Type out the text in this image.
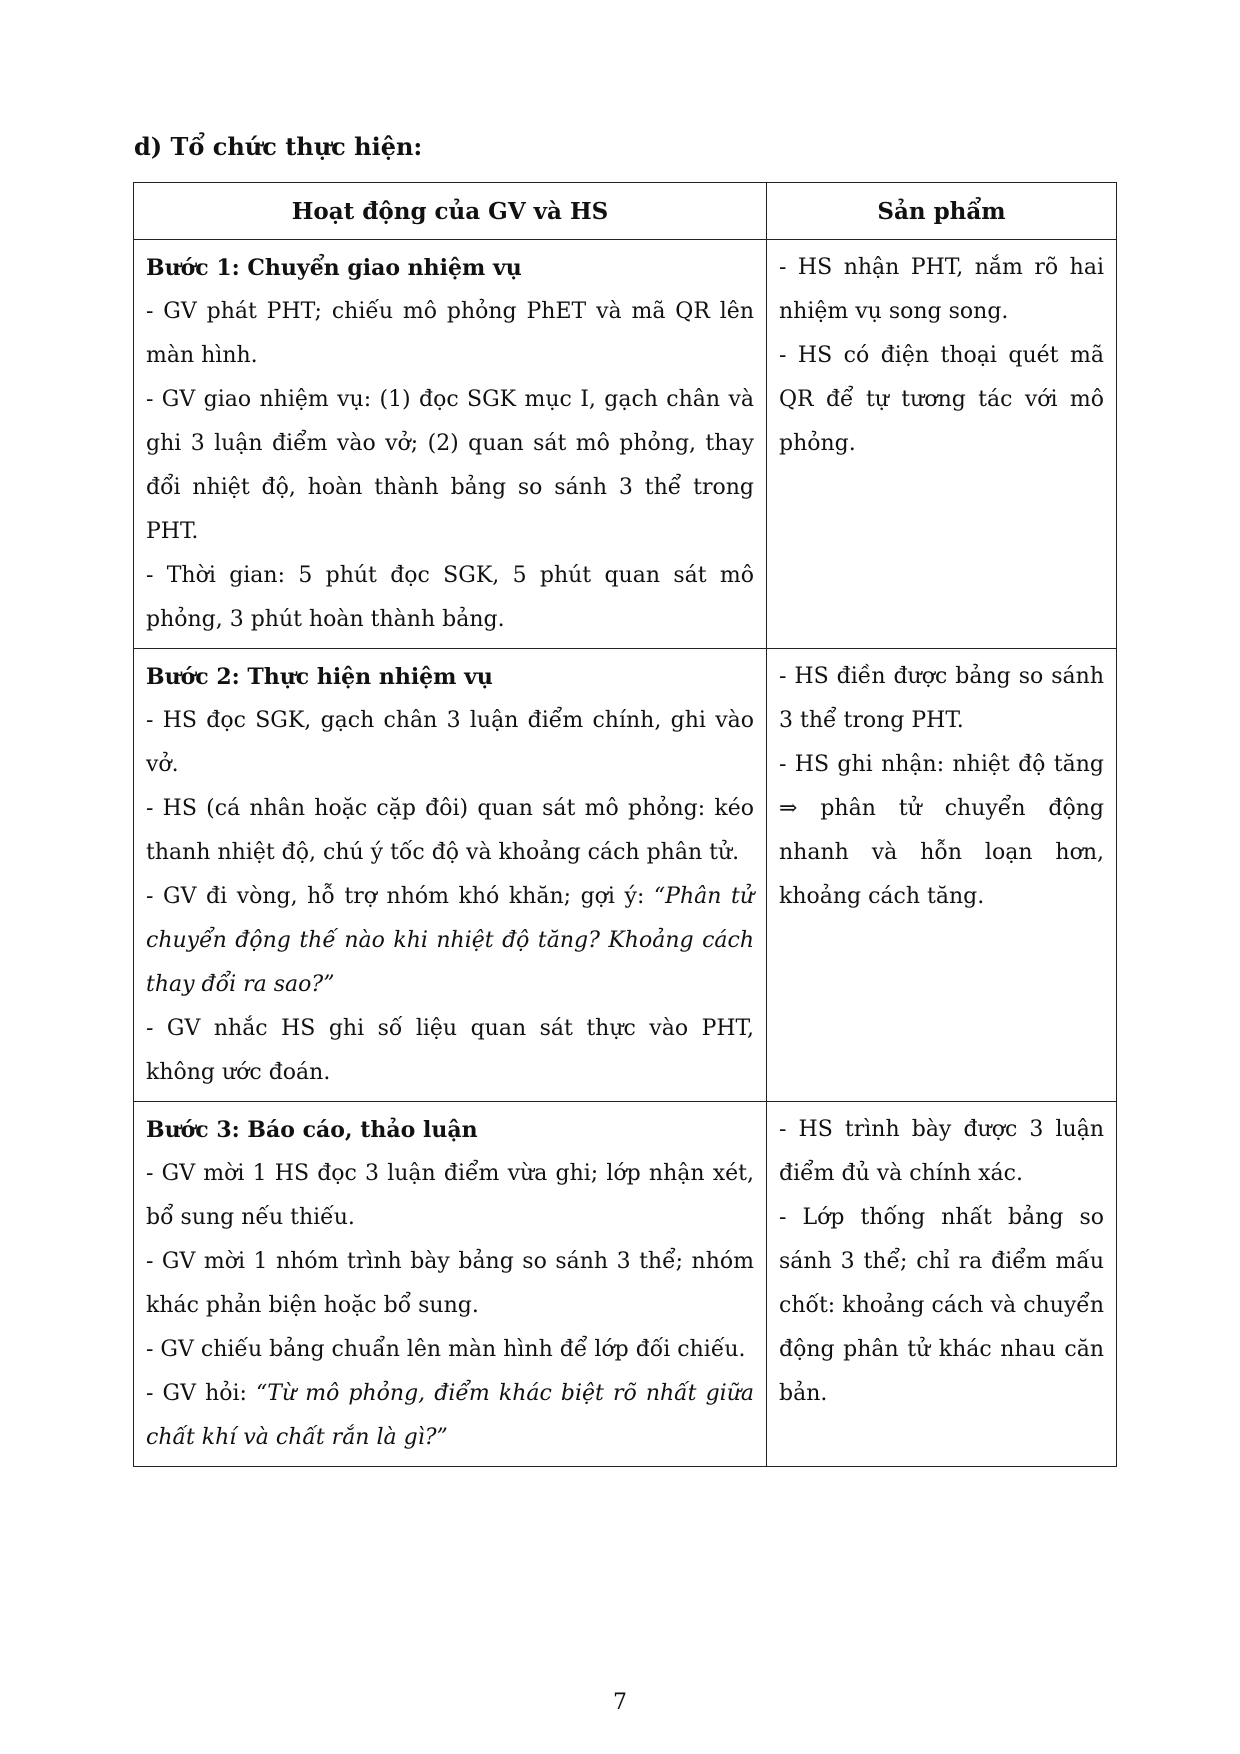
d) Tổ chức thực hiện:
Hoạt động của GV và HS	Sản phẩm

Bước 1: Chuyển giao nhiệm vụ
- GV phát PHT; chiếu mô phỏng PhET và mã QR lên màn hình.
- GV giao nhiệm vụ: (1) đọc SGK mục I, gạch chân và ghi 3 luận điểm vào vở; (2) quan sát mô phỏng, thay đổi nhiệt độ, hoàn thành bảng so sánh 3 thể trong PHT.
- Thời gian: 5 phút đọc SGK, 5 phút quan sát mô phỏng, 3 phút hoàn thành bảng.	- HS nhận PHT, nắm rõ hai nhiệm vụ song song.
- HS có điện thoại quét mã QR để tự tương tác với mô phỏng.

Bước 2: Thực hiện nhiệm vụ
- HS đọc SGK, gạch chân 3 luận điểm chính, ghi vào vở.
- HS (cá nhân hoặc cặp đôi) quan sát mô phỏng: kéo thanh nhiệt độ, chú ý tốc độ và khoảng cách phân tử.
- GV đi vòng, hỗ trợ nhóm khó khăn; gợi ý: “Phân tử chuyển động thế nào khi nhiệt độ tăng? Khoảng cách thay đổi ra sao?”
- GV nhắc HS ghi số liệu quan sát thực vào PHT, không ước đoán.	- HS điền được bảng so sánh 3 thể trong PHT.
- HS ghi nhận: nhiệt độ tăng ⇒ phân tử chuyển động nhanh và hỗn loạn hơn, khoảng cách tăng.

Bước 3: Báo cáo, thảo luận
- GV mời 1 HS đọc 3 luận điểm vừa ghi; lớp nhận xét, bổ sung nếu thiếu.
- GV mời 1 nhóm trình bày bảng so sánh 3 thể; nhóm khác phản biện hoặc bổ sung.
- GV chiếu bảng chuẩn lên màn hình để lớp đối chiếu.
- GV hỏi: “Từ mô phỏng, điểm khác biệt rõ nhất giữa chất khí và chất rắn là gì?”	- HS trình bày được 3 luận điểm đủ và chính xác.
- Lớp thống nhất bảng so sánh 3 thể; chỉ ra điểm mấu chốt: khoảng cách và chuyển động phân tử khác nhau căn bản.
7
